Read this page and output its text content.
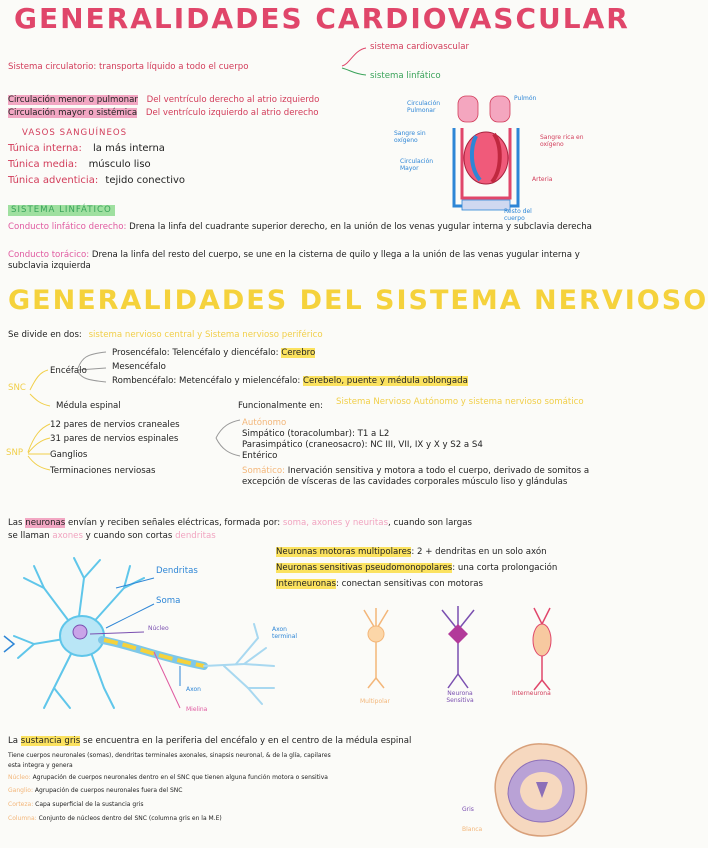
GENERALIDADES CARDIOVASCULAR
Sistema circulatorio: transporta líquido a todo el cuerpo
sistema cardiovascular
sistema linfático
Circulación menor o pulmonar Del ventrículo derecho al atrio izquierdo
Circulación mayor o sistémica Del ventrículo izquierdo al atrio derecho
VASOS SANGUÍNEOS
Túnica interna: la más interna
Túnica media: músculo liso
Túnica adventicia: tejido conectivo
Circulación Pulmonar
Pulmón
Sangre sin oxígeno	Sangre rica en oxígeno
Circulación Mayor
Arteria
Resto del cuerpo
SISTEMA LINFÁTICO
Conducto linfático derecho: Drena la linfa del cuadrante superior derecho, en la unión de los venas yugular interna y subclavia derecha
Conducto torácico: Drena la linfa del resto del cuerpo, se une en la cisterna de quilo y llega a la unión de las venas yugular interna y subclavia izquierda
GENERALIDADES DEL SISTEMA NERVIOSO
Se divide en dos: sistema nervioso central y Sistema nervioso periférico
SNC
Encéfalo
Prosencéfalo: Telencéfalo y diencéfalo: Cerebro
Mesencéfalo
Rombencéfalo: Metencéfalo y mielencéfalo: Cerebelo, puente y médula oblongada
Médula espinal	Funcionalmente en: Sistema Nervioso Autónomo y sistema nervioso somático
SNP
12 pares de nervios craneales
31 pares de nervios espinales
Ganglios
Terminaciones nerviosas
Autónomo
Simpático (toracolumbar): T1 a L2
Parasimpático (craneosacro): NC III, VII, IX y X y S2 a S4
Entérico
Somático: Inervación sensitiva y motora a todo el cuerpo, derivado de somitos a excepción de vísceras de las cavidades corporales músculo liso y glándulas
Las neuronas envían y reciben señales eléctricas, formada por: soma, axones y neuritas, cuando son largas
se llaman axones y cuando son cortas dendritas
Neuronas motoras multipolares: 2 + dendritas en un solo axón
Neuronas sensitivas pseudomonopolares: una corta prolongación
Interneuronas: conectan sensitivas con motoras
Dendritas
Soma
Núcleo	Axon terminal
Axon
Mielina
Multipolar
Neurona Sensitiva
Interneurona
La sustancia gris se encuentra en la periferia del encéfalo y en el centro de la médula espinal
Tiene cuerpos neuronales (somas), dendritas terminales axonales, sinapsis neuronal, & de la glía, capilares
esta integra y genera
Núcleo: Agrupación de cuerpos neuronales dentro en el SNC que tienen alguna función motora o sensitiva
Ganglio: Agrupación de cuerpos neuronales fuera del SNC
Corteza: Capa superficial de la sustancia gris
Columna: Conjunto de núcleos dentro del SNC (columna gris en la M.E)
Gris
Blanca
